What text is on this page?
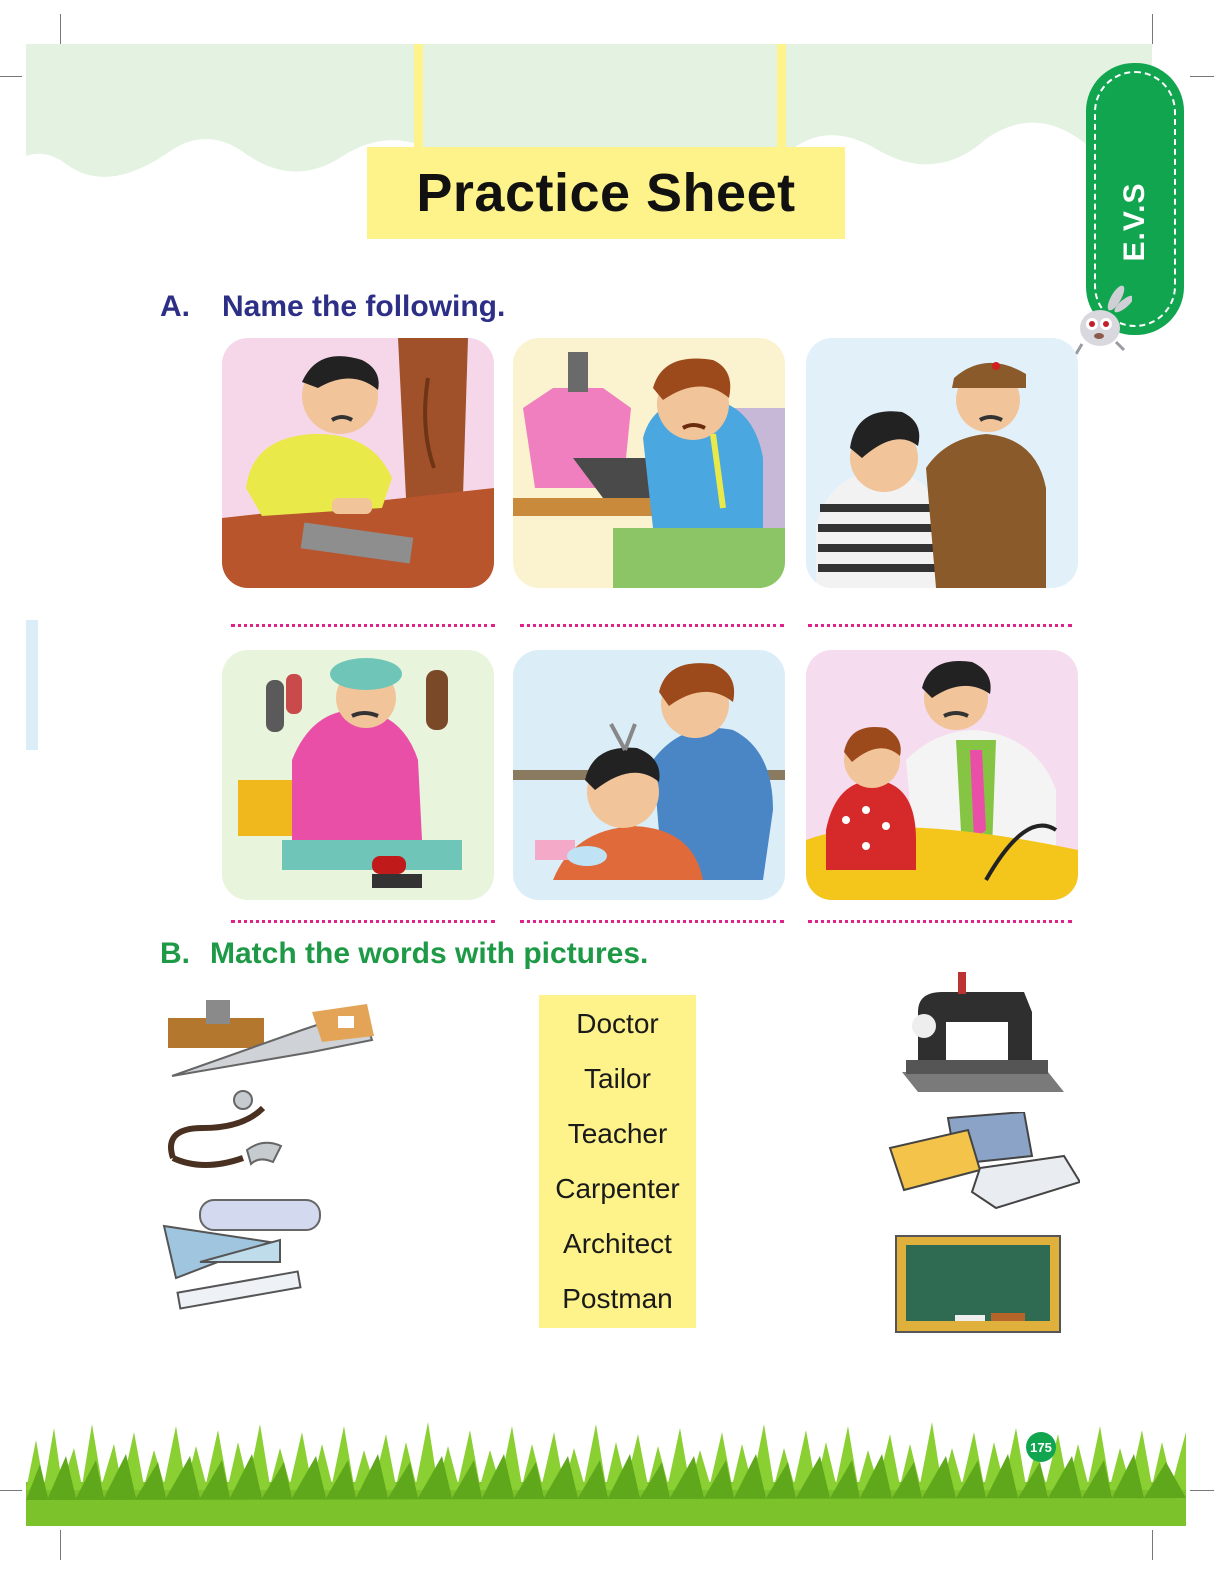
Practice Sheet	E.V.S
A. Name the following.
B. Match the words with pictures.
Doctor
Tailor
Teacher
Carpenter
Architect
Postman
175
